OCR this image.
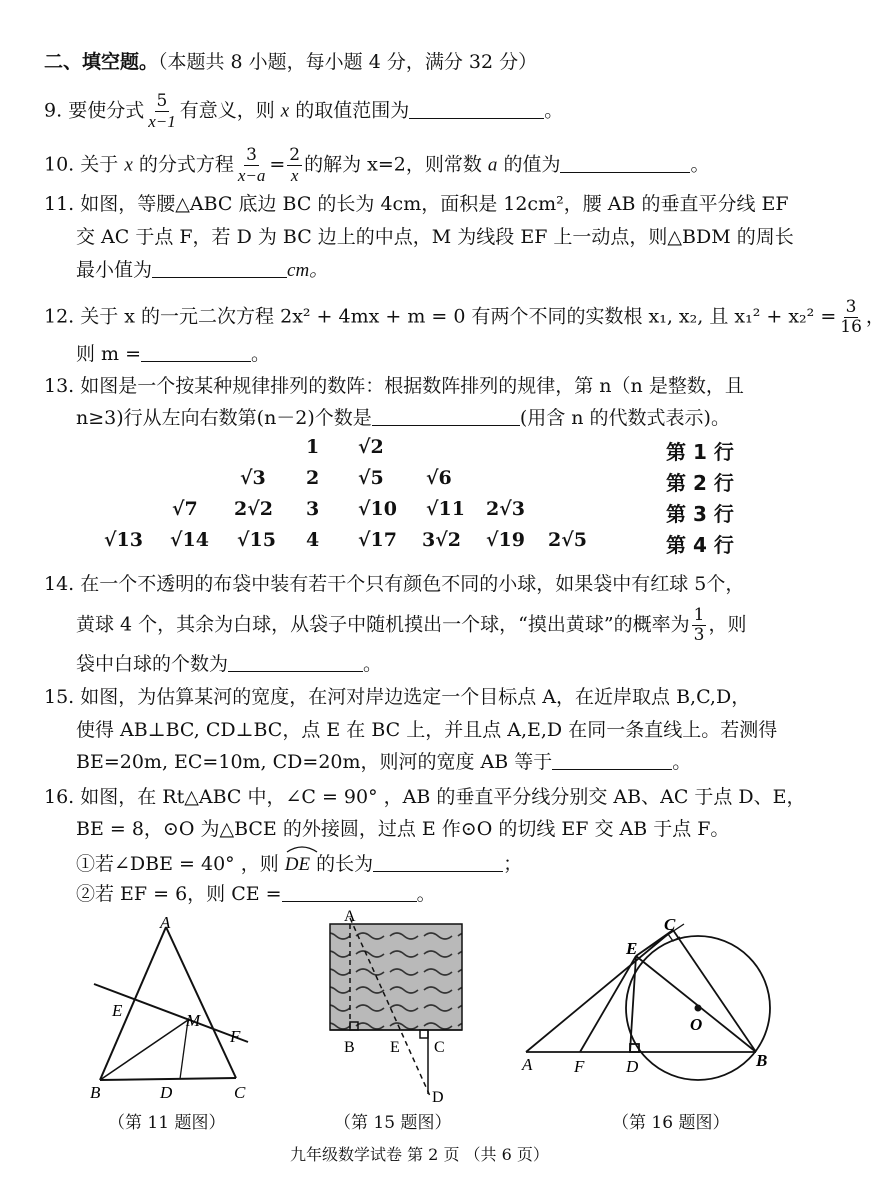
二、填空题。（本题共 8 小题，每小题 4 分，满分 32 分）
9. 要使分式 $\frac{5}{x-1}$ 有意义，则 x 的取值范围为	。
10. 关于 x 的分式方程 $\frac{3}{x-a} = \frac{2}{x}$ 的解为 x=2，则常数 a 的值为	。
11. 如图，等腰△ABC 底边 BC 的长为 4cm，面积是 12cm²，腰 AB 的垂直平分线 EF
交 AC 于点 F，若 D 为 BC 边上的中点，M 为线段 EF 上一动点，则△BDM 的周长
最小值为	cm。
12. 关于 x 的一元二次方程 2x² + 4mx + m = 0 有两个不同的实数根 x₁, x₂, 且 $x_1^2 + x_2^2 = \frac{3}{16}$ ，
则 m =	。
13. 如图是一个按某种规律排列的数阵：根据数阵排列的规律，第 n（n 是整数，且
n≥3)行从左向右数第(n－2)个数是	(用含 n 的代数式表示)。
1 √2	第 1 行
√3 2 √5 √6	第 2 行
√7 2√2 3 √10 √11 2√3	第 3 行
√13 √14 √15 4 √17 3√2 √19 2√5	第 4 行
14. 在一个不透明的布袋中装有若干个只有颜色不同的小球，如果袋中有红球 5个，
黄球 4 个，其余为白球，从袋子中随机摸出一个球，“摸出黄球”的概率为 $\frac{1}{3}$ ，则
袋中白球的个数为	。
15. 如图，为估算某河的宽度，在河对岸边选定一个目标点 A，在近岸取点 B,C,D，
使得 AB⊥BC, CD⊥BC，点 E 在 BC 上，并且点 A,E,D 在同一条直线上。若测得
BE=20m, EC=10m, CD=20m，则河的宽度 AB 等于	。
16. 如图，在 Rt△ABC 中，∠C = 90° ，AB 的垂直平分线分别交 AB、AC 于点 D、E，
BE = 8，⊙O 为△BCE 的外接圆，过点 E 作⊙O 的切线 EF 交 AB 于点 F。
①若∠DBE = 40° ，则 DE 的长为	；
②若 EF = 6，则 CE =	。
A
E
M
F
B	D	C
（第 11 题图）
A
B E C
D
（第 15 题图）
C
E
O
A F D	B
（第 16 题图）
九年级数学试卷 第 2 页 （共 6 页）
